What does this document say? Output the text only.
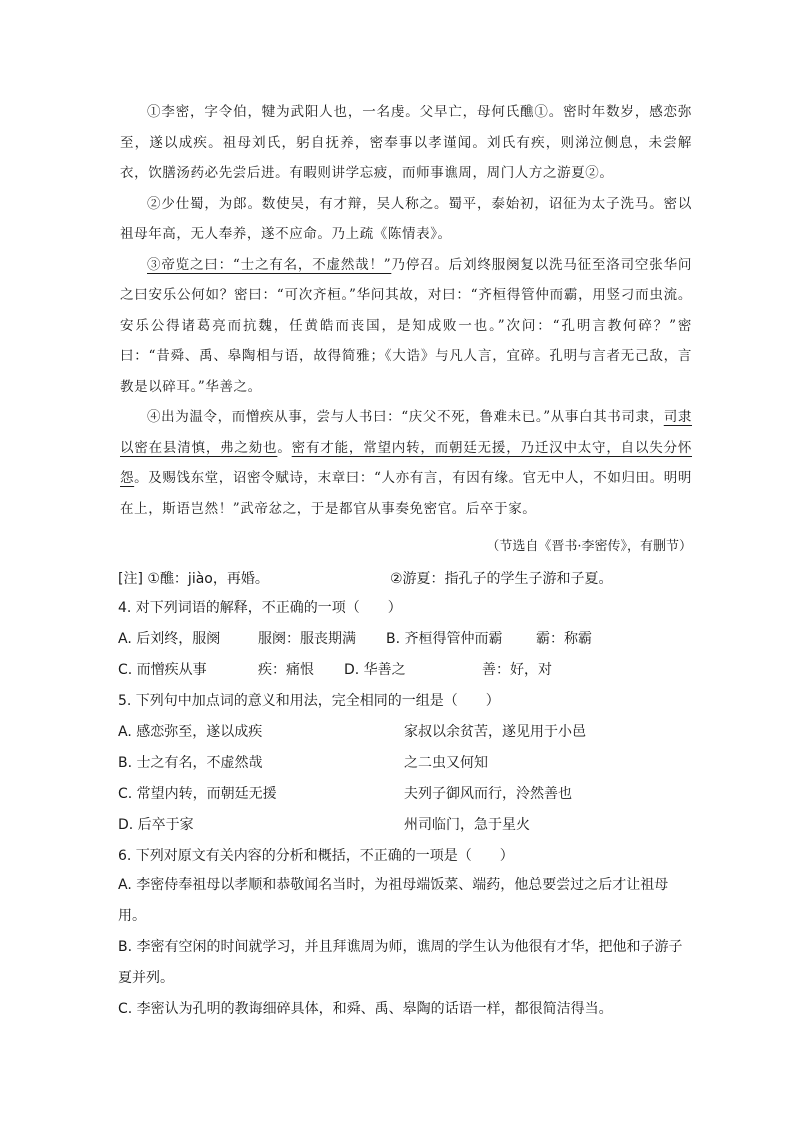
①李密，字令伯，犍为武阳人也，一名虔。父早亡，母何氏醮①。密时年数岁，感恋弥至，遂以成疾。祖母刘氏，躬自抚养，密奉事以孝谨闻。刘氏有疾，则涕泣侧息，未尝解衣，饮膳汤药必先尝后进。有暇则讲学忘疲，而师事谯周，周门人方之游夏②。

②少仕蜀，为郎。数使吴，有才辩，吴人称之。蜀平，泰始初，诏征为太子洗马。密以祖母年高，无人奉养，遂不应命。乃上疏《陈情表》。

③帝览之曰：“士之有名，不虚然哉！”乃停召。后刘终服阕复以洗马征至洛司空张华问之曰安乐公何如？密曰：“可次齐桓。”华问其故，对曰：“齐桓得管仲而霸，用竖刁而虫流。安乐公得诸葛亮而抗魏，任黄皓而丧国，是知成败一也。”次问：“孔明言教何碎？”密曰：“昔舜、禹、皋陶相与语，故得简雅；《大诰》与凡人言，宜碎。孔明与言者无己敌，言教是以碎耳。”华善之。

④出为温令，而憎疾从事，尝与人书曰：“庆父不死，鲁难未已。”从事白其书司隶，司隶以密在县清慎，弗之劾也。密有才能，常望内转，而朝廷无援，乃迁汉中太守，自以失分怀怨。及赐饯东堂，诏密令赋诗，末章曰：“人亦有言，有因有缘。官无中人，不如归田。明明在上，斯语岂然！”武帝忿之，于是都官从事奏免密官。后卒于家。

（节选自《晋书·李密传》，有删节）
[注] ①醮：jiào，再婚。	②游夏：指孔子的学生子游和子夏。
4. 对下列词语的解释，不正确的一项（　　）
A. 后刘终，服阕	服阕：服丧期满 B. 齐桓得管仲而霸 霸：称霸
C. 而憎疾从事	疾：痛恨 D. 华善之	善：好，对
5. 下列句中加点词的意义和用法，完全相同的一组是（　　）
A. 感恋弥至，遂以成疾	家叔以余贫苦，遂见用于小邑
B. 士之有名，不虚然哉	之二虫又何知
C. 常望内转，而朝廷无援	夫列子御风而行，泠然善也
D. 后卒于家	州司临门，急于星火
6. 下列对原文有关内容的分析和概括，不正确的一项是（　　）
A. 李密侍奉祖母以孝顺和恭敬闻名当时，为祖母端饭菜、端药，他总要尝过之后才让祖母用。
B. 李密有空闲的时间就学习，并且拜谯周为师，谯周的学生认为他很有才华，把他和子游子夏并列。
C. 李密认为孔明的教诲细碎具体，和舜、禹、皋陶的话语一样，都很简洁得当。
